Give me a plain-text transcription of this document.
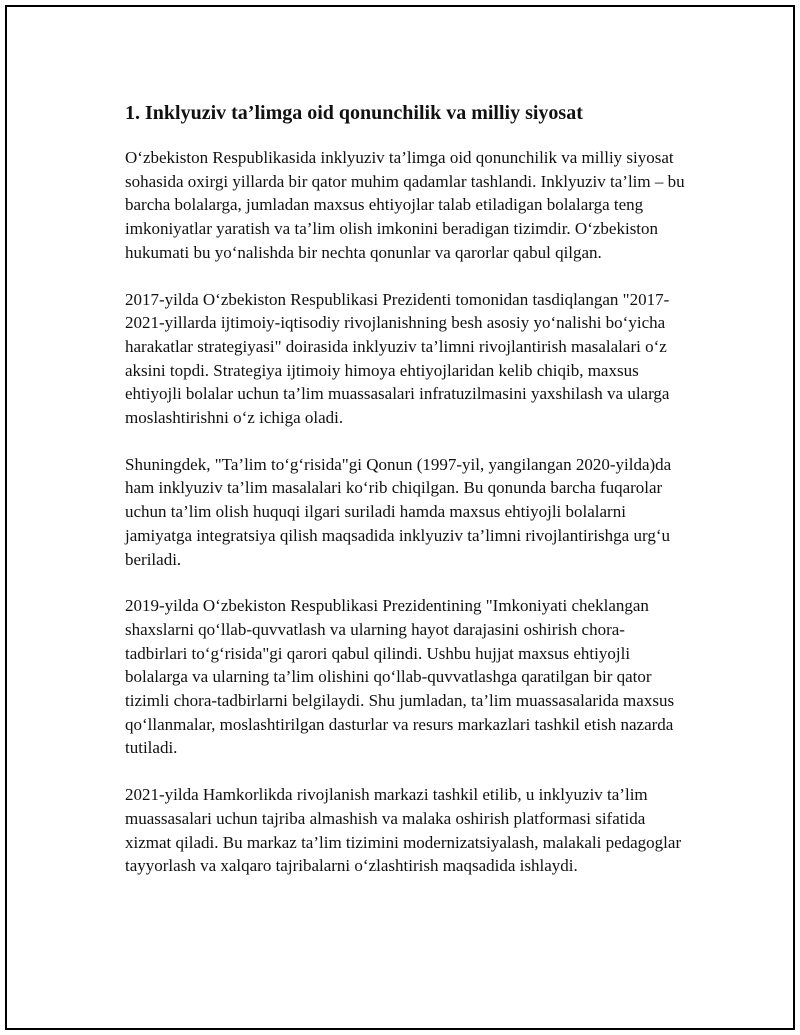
1. Inklyuziv ta’limga oid qonunchilik va milliy siyosat

O‘zbekiston Respublikasida inklyuziv ta’limga oid qonunchilik va milliy siyosat sohasida oxirgi yillarda bir qator muhim qadamlar tashlandi. Inklyuziv ta’lim – bu barcha bolalarga, jumladan maxsus ehtiyojlar talab etiladigan bolalarga teng imkoniyatlar yaratish va ta’lim olish imkonini beradigan tizimdir. O‘zbekiston hukumati bu yo‘nalishda bir nechta qonunlar va qarorlar qabul qilgan.

2017-yilda O‘zbekiston Respublikasi Prezidenti tomonidan tasdiqlangan "2017-2021-yillarda ijtimoiy-iqtisodiy rivojlanishning besh asosiy yo‘nalishi bo‘yicha harakatlar strategiyasi" doirasida inklyuziv ta’limni rivojlantirish masalalari o‘z aksini topdi. Strategiya ijtimoiy himoya ehtiyojlaridan kelib chiqib, maxsus ehtiyojli bolalar uchun ta’lim muassasalari infratuzilmasini yaxshilash va ularga moslashtirishni o‘z ichiga oladi.

Shuningdek, "Ta’lim to‘g‘risida"gi Qonun (1997-yil, yangilangan 2020-yilda)da ham inklyuziv ta’lim masalalari ko‘rib chiqilgan. Bu qonunda barcha fuqarolar uchun ta’lim olish huquqi ilgari suriladi hamda maxsus ehtiyojli bolalarni jamiyatga integratsiya qilish maqsadida inklyuziv ta’limni rivojlantirishga urg‘u beriladi.

2019-yilda O‘zbekiston Respublikasi Prezidentining "Imkoniyati cheklangan shaxslarni qo‘llab-quvvatlash va ularning hayot darajasini oshirish chora-tadbirlari to‘g‘risida"gi qarori qabul qilindi. Ushbu hujjat maxsus ehtiyojli bolalarga va ularning ta’lim olishini qo‘llab-quvvatlashga qaratilgan bir qator tizimli chora-tadbirlarni belgilaydi. Shu jumladan, ta’lim muassasalarida maxsus qo‘llanmalar, moslashtirilgan dasturlar va resurs markazlari tashkil etish nazarda tutiladi.

2021-yilda Hamkorlikda rivojlanish markazi tashkil etilib, u inklyuziv ta’lim muassasalari uchun tajriba almashish va malaka oshirish platformasi sifatida xizmat qiladi. Bu markaz ta’lim tizimini modernizatsiyalash, malakali pedagoglar tayyorlash va xalqaro tajribalarni o‘zlashtirish maqsadida ishlaydi.
